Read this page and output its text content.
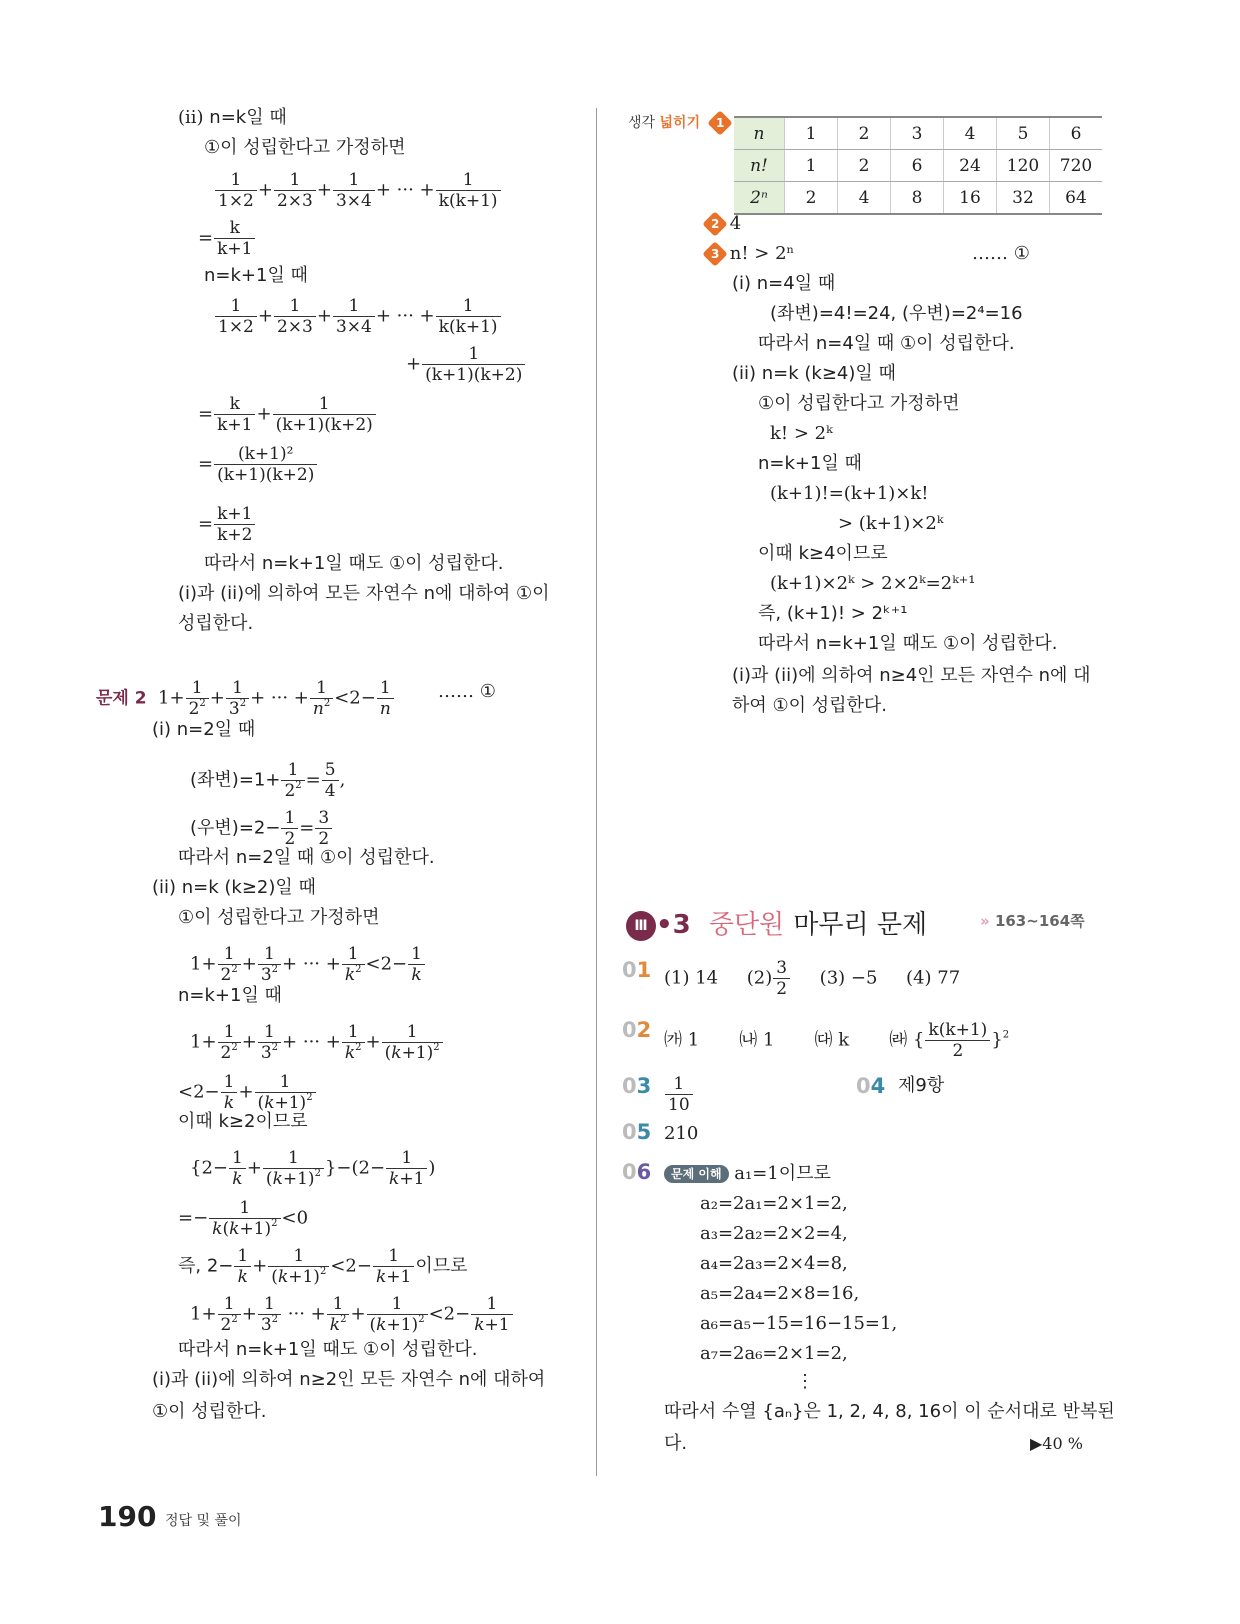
(ii) n=k일 때
①이 성립한다고 가정하면
$\frac{1}{1\times 2} + \frac{1}{2\times 3} + \frac{1}{3\times 4}$ + ··· + $\frac{1}{k(k+1)}$
= $\frac{k}{k+1}$
n=k+1일 때
$\frac{1}{1\times 2} + \frac{1}{2\times 3} + \frac{1}{3\times 4}$ + ··· + $\frac{1}{k(k+1)}$
+ $\frac{1}{(k+1)(k+2)}$
= $\frac{k}{k+1} + \frac{1}{(k+1)(k+2)}$
= $\frac{\text{(k+1)²}}{(k+1)(k+2)}$
= $\frac{k+1}{k+2}$
따라서 n=k+1일 때도 ①이 성립한다.
(i)과 (ii)에 의하여 모든 자연수 n에 대하여 ①이
성립한다.
문제 2  $1+ \frac{1}{2^2} + \frac{1}{3^2}$ + ··· + $\frac{1}{n^2} <2- \frac{1}{n}$ …… ①
(i) n=2일 때
(좌변)$=1+ \frac{1}{2^2} = \frac{5}{4}$ ,
(우변)$=2- \frac{1}{2} = \frac{3}{2}$
따라서 n=2일 때 ①이 성립한다.
(ii) n=k (k≥2)일 때
①이 성립한다고 가정하면
$1+ \frac{1}{2^2} + \frac{1}{3^2}$ + ··· + $\frac{1}{k^2} <2- \frac{1}{k}$
n=k+1일 때
$1+ \frac{1}{2^2} + \frac{1}{3^2}$ + ··· + $\frac{1}{k^2} + \frac{1}{(k+1)^2}$
$<2- \frac{1}{k} + \frac{1}{(k+1)^2}$
이때 k≥2이므로
$\{2- \frac{1}{k} + \frac{1}{(k+1)^2} \}-(2- \frac{1}{k+1}$ )
=− $\frac{1}{k(k+1)^2} <0$
즉, $2- \frac{1}{k} + \frac{1}{(k+1)^2} <2- \frac{1}{k+1}$ 이므로
$1+ \frac{1}{2^2} + \frac{1}{3^2}$ ··· + $\frac{1}{k^2} + \frac{1}{(k+1)^2} <2- \frac{1}{k+1}$
따라서 n=k+1일 때도 ①이 성립한다.
(i)과 (ii)에 의하여 n≥2인 모든 자연수 n에 대하여
①이 성립한다.
생각 넓히기 1
n	1	2	3	4	5	6
n!	1	2	6	24	120	720
2ⁿ	2	4	8	16	32	64
2 4
3 n! > 2ⁿ	…… ①
(i) n=4일 때
(좌변)=4!=24, (우변)=2⁴=16
따라서 n=4일 때 ①이 성립한다.
(ii) n=k (k≥4)일 때
①이 성립한다고 가정하면
k! > 2ᵏ
n=k+1일 때
(k+1)!=(k+1)×k!
> (k+1)×2ᵏ
이때 k≥4이므로
(k+1)×2ᵏ > 2×2ᵏ=2ᵏ⁺¹
즉, (k+1)! > 2ᵏ⁺¹
따라서 n=k+1일 때도 ①이 성립한다.
(i)과 (ii)에 의하여 n≥4인 모든 자연수 n에 대
하여 ①이 성립한다.
Ⅲ •3 중단원 마무리 문제	» 163~164쪽
01 (1) 14 $(2) \frac{3}{2} (3) -5$ (4) 77
02 ㈎ 1 ㈏ 1 ㈐ k ㈑ { $\frac{k(k+1)}{2} \}^2$
$03 \frac{1}{10}$	04 제9항
05 210
06	문제 이해 a₁=1이므로
a₂=2a₁=2×1=2,
a₃=2a₂=2×2=4,
a₄=2a₃=2×4=8,
a₅=2a₄=2×8=16,
a₆=a₅−15=16−15=1,
a₇=2a₆=2×1=2,
⋮
따라서 수열 {aₙ}은 1, 2, 4, 8, 16이 이 순서대로 반복된
다.	▶40 %
190 정답 및 풀이
